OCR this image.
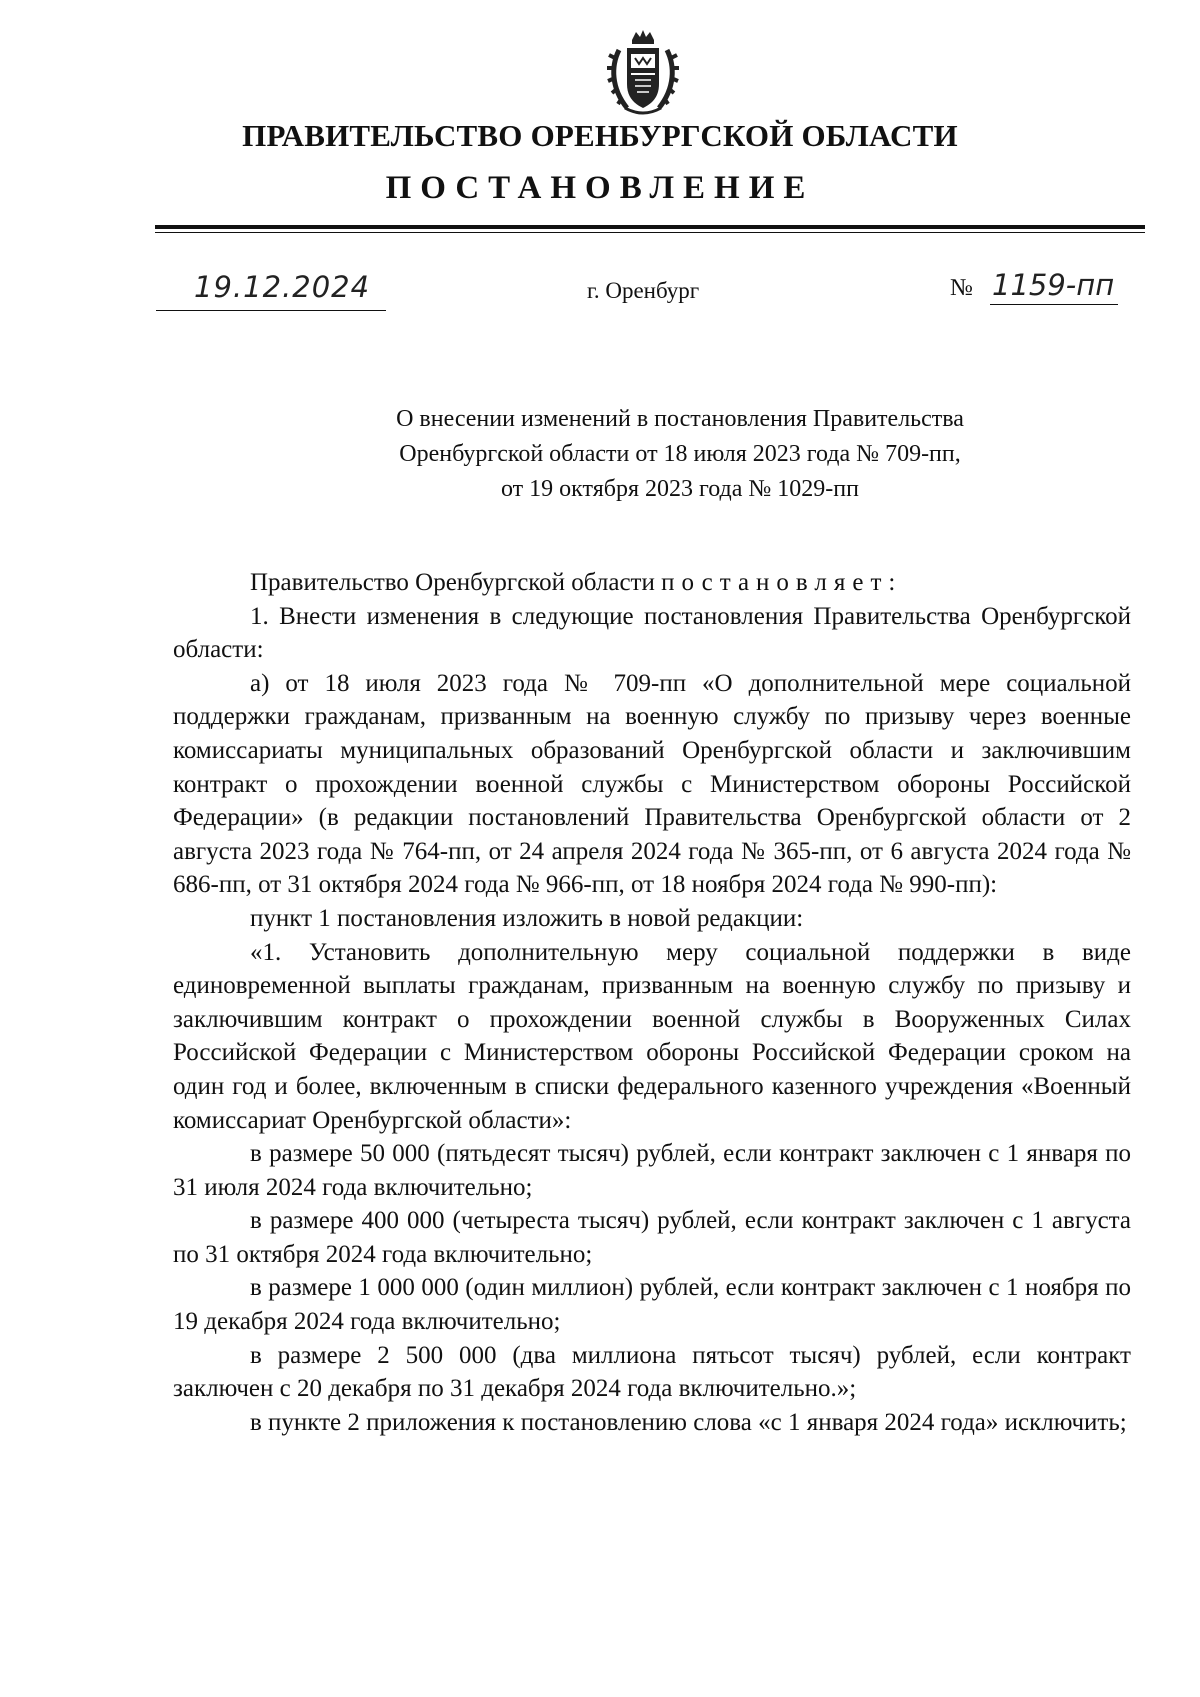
ПРАВИТЕЛЬСТВО ОРЕНБУРГСКОЙ ОБЛАСТИ
ПОСТАНОВЛЕНИЕ
19.12.2024	г. Оренбург	№ 1159-пп
О внесении изменений в постановления Правительства
Оренбургской области от 18 июля 2023 года № 709-пп,
от 19 октября 2023 года № 1029-пп

Правительство Оренбургской области постановляет:

1. Внести изменения в следующие постановления Правительства Оренбургской области:

а) от 18 июля 2023 года № 709-пп «О дополнительной мере социальной поддержки гражданам, призванным на военную службу по призыву через военные комиссариаты муниципальных образований Оренбургской области и заключившим контракт о прохождении военной службы с Министерством обороны Российской Федерации» (в редакции постановлений Правительства Оренбургской области от 2 августа 2023 года № 764-пп, от 24 апреля 2024 года № 365-пп, от 6 августа 2024 года № 686-пп, от 31 октября 2024 года № 966-пп, от 18 ноября 2024 года № 990-пп):

пункт 1 постановления изложить в новой редакции:

«1. Установить дополнительную меру социальной поддержки в виде единовременной выплаты гражданам, призванным на военную службу по призыву и заключившим контракт о прохождении военной службы в Вооруженных Силах Российской Федерации с Министерством обороны Российской Федерации сроком на один год и более, включенным в списки федерального казенного учреждения «Военный комиссариат Оренбургской области»:

в размере 50 000 (пятьдесят тысяч) рублей, если контракт заключен с 1 января по 31 июля 2024 года включительно;

в размере 400 000 (четыреста тысяч) рублей, если контракт заключен с 1 августа по 31 октября 2024 года включительно;

в размере 1 000 000 (один миллион) рублей, если контракт заключен с 1 ноября по 19 декабря 2024 года включительно;

в размере 2 500 000 (два миллиона пятьсот тысяч) рублей, если контракт заключен с 20 декабря по 31 декабря 2024 года включительно.»;

в пункте 2 приложения к постановлению слова «с 1 января 2024 года» исключить;
